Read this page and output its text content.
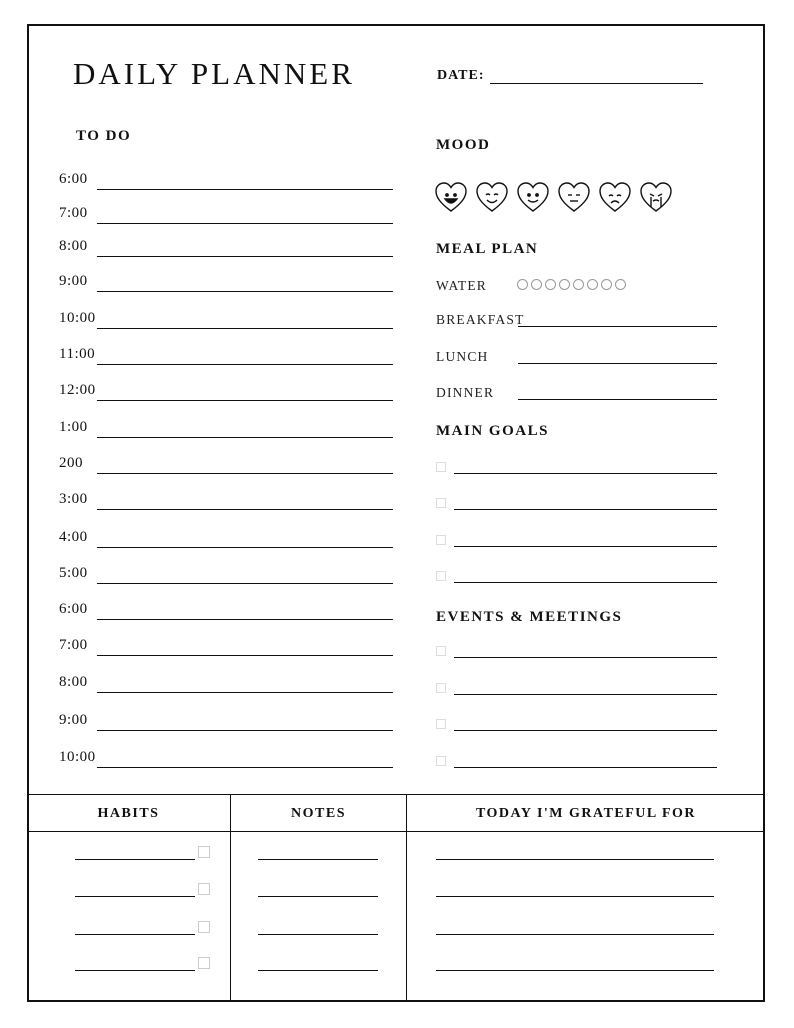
DAILY PLANNER	DATE:
TO DO
6:00
7:00
8:00
9:00
10:00
11:00
12:00
1:00
200
3:00
4:00
5:00
6:00
7:00
8:00
9:00
10:00
MOOD
MEAL PLAN
WATER
BREAKFAST
LUNCH
DINNER
MAIN GOALS
EVENTS & MEETINGS
HABITS	NOTES	TODAY I'M GRATEFUL FOR
